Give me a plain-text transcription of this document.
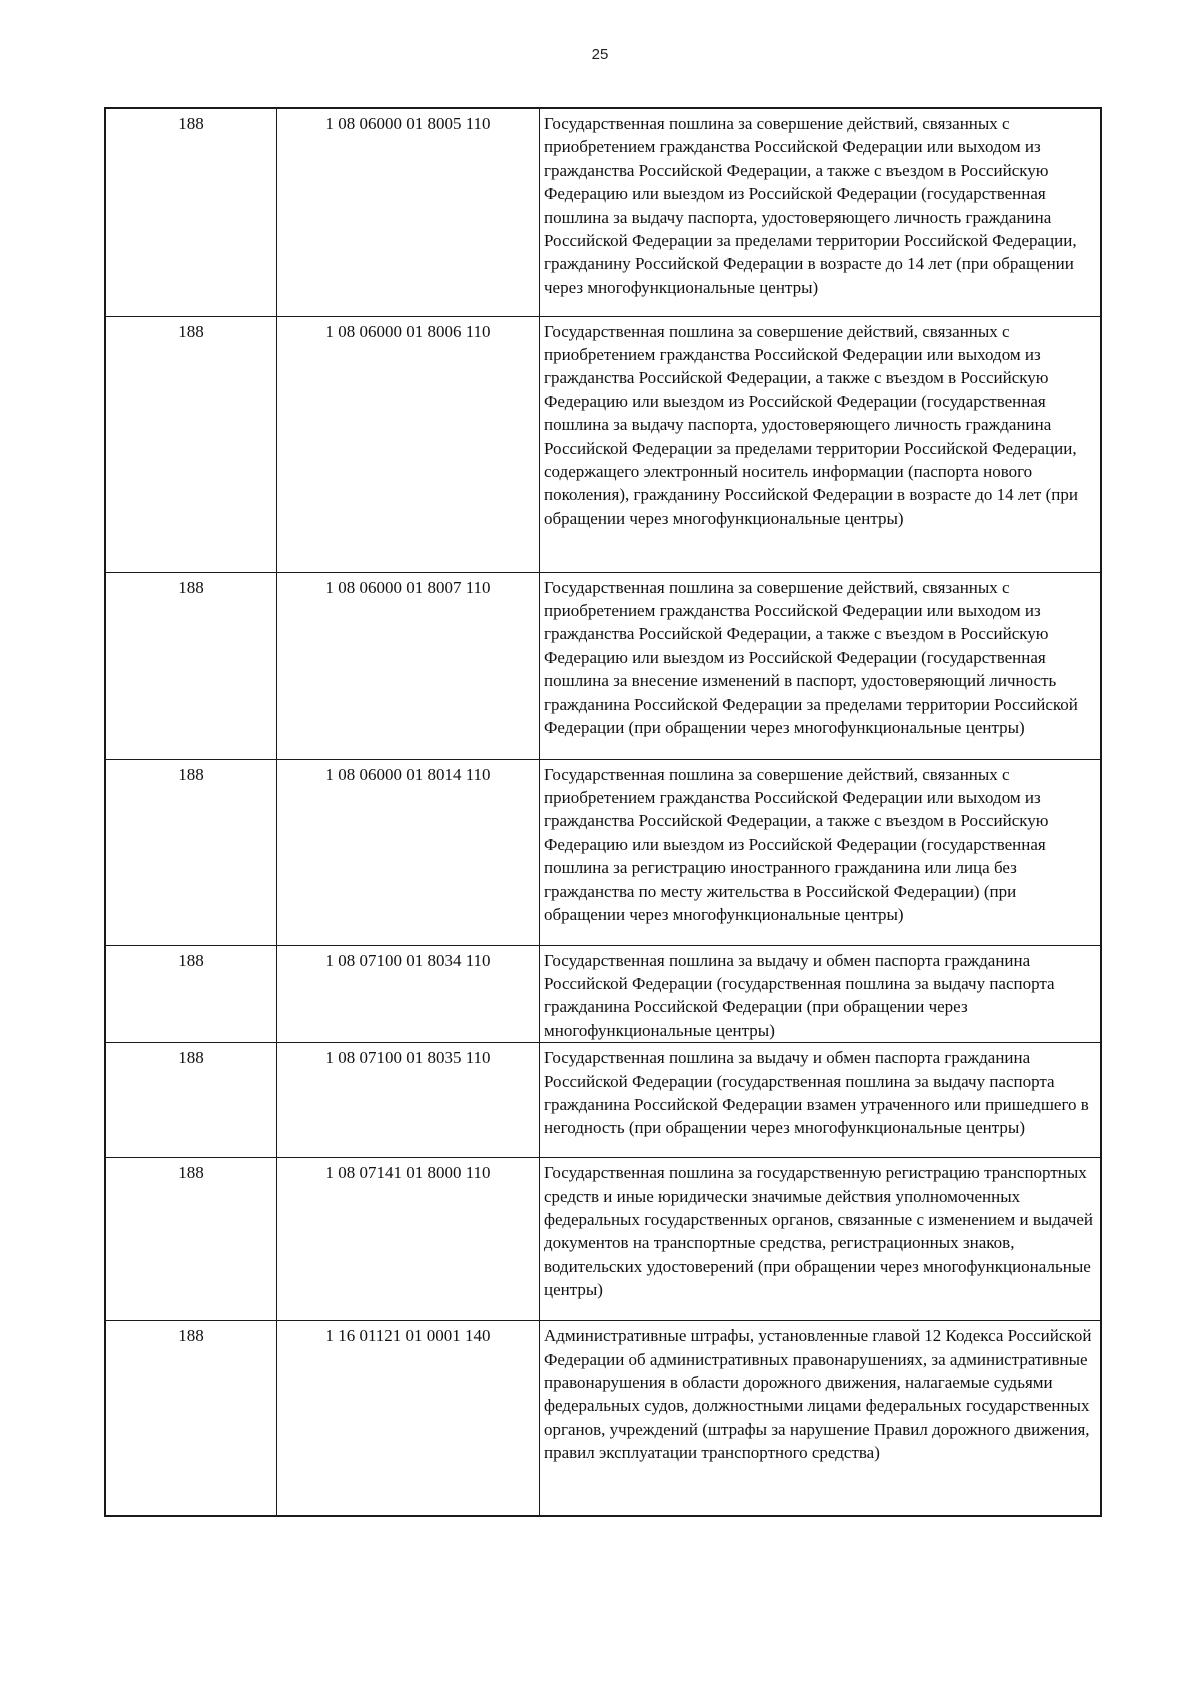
25
188	1 08 06000 01 8005 110	Государственная пошлина за совершение действий, связанных с приобретением гражданства Российской Федерации или выходом из гражданства Российской Федерации, а также с въездом в Российскую Федерацию или выездом из Российской Федерации (государственная пошлина за выдачу паспорта, удостоверяющего личность гражданина Российской Федерации за пределами территории Российской Федерации, гражданину Российской Федерации в возрасте до 14 лет (при обращении через многофункциональные центры)

188	1 08 06000 01 8006 110	Государственная пошлина за совершение действий, связанных с приобретением гражданства Российской Федерации или выходом из гражданства Российской Федерации, а также с въездом в Российскую Федерацию или выездом из Российской Федерации (государственная пошлина за выдачу паспорта, удостоверяющего личность гражданина Российской Федерации за пределами территории Российской Федерации, содержащего электронный носитель информации (паспорта нового поколения), гражданину Российской Федерации в возрасте до 14 лет (при обращении через многофункциональные центры)

188	1 08 06000 01 8007 110	Государственная пошлина за совершение действий, связанных с приобретением гражданства Российской Федерации или выходом из гражданства Российской Федерации, а также с въездом в Российскую Федерацию или выездом из Российской Федерации (государственная пошлина за внесение изменений в паспорт, удостоверяющий личность гражданина Российской Федерации за пределами территории Российской Федерации (при обращении через многофункциональные центры)

188	1 08 06000 01 8014 110	Государственная пошлина за совершение действий, связанных с приобретением гражданства Российской Федерации или выходом из гражданства Российской Федерации, а также с въездом в Российскую Федерацию или выездом из Российской Федерации (государственная пошлина за регистрацию иностранного гражданина или лица без гражданства по месту жительства в Российской Федерации) (при обращении через многофункциональные центры)

188	1 08 07100 01 8034 110	Государственная пошлина за выдачу и обмен паспорта гражданина Российской Федерации (государственная пошлина за выдачу паспорта гражданина Российской Федерации (при обращении через многофункциональные центры)

188	1 08 07100 01 8035 110	Государственная пошлина за выдачу и обмен паспорта гражданина Российской Федерации (государственная пошлина за выдачу паспорта гражданина Российской Федерации взамен утраченного или пришедшего в негодность (при обращении через многофункциональные центры)

188	1 08 07141 01 8000 110	Государственная пошлина за государственную регистрацию транспортных средств и иные юридически значимые действия уполномоченных федеральных государственных органов, связанные с изменением и выдачей документов на транспортные средства, регистрационных знаков, водительских удостоверений (при обращении через многофункциональные центры)

188	1 16 01121 01 0001 140	Административные штрафы, установленные главой 12 Кодекса Российской Федерации об административных правонарушениях, за административные правонарушения в области дорожного движения, налагаемые судьями федеральных судов, должностными лицами федеральных государственных органов, учреждений (штрафы за нарушение Правил дорожного движения, правил эксплуатации транспортного средства)
